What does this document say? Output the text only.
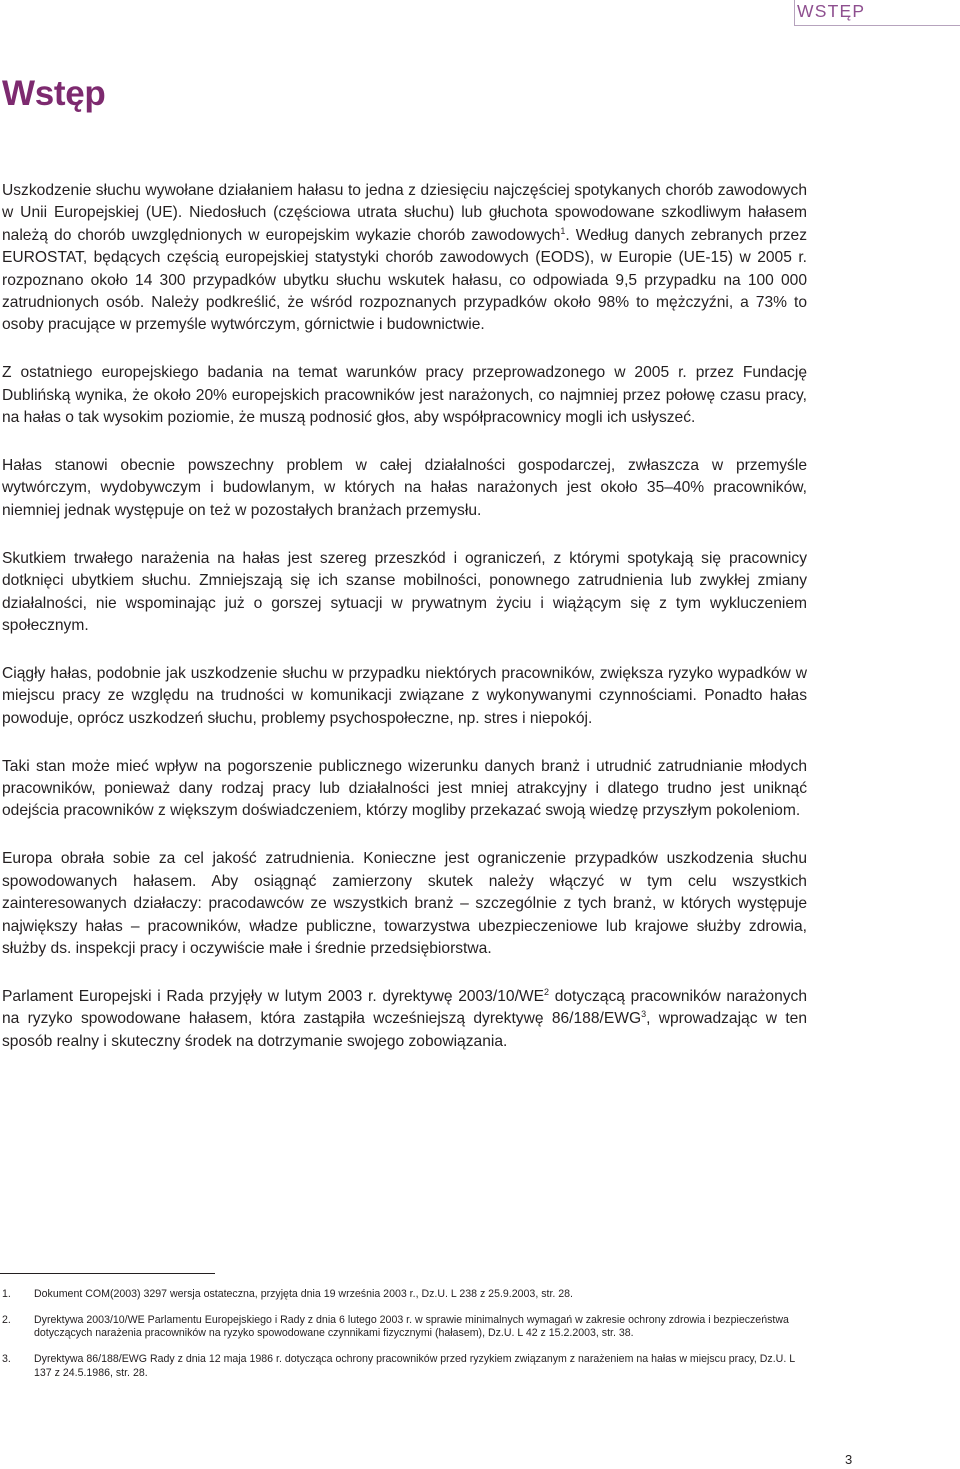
WSTĘP
Wstęp

Uszkodzenie słuchu wywołane działaniem hałasu to jedna z dziesięciu najczęściej spotykanych chorób zawodowych w Unii Europejskiej (UE). Niedosłuch (częściowa utrata słuchu) lub głuchota spowodowane szkodliwym hałasem należą do chorób uwzględnionych w europejskim wykazie chorób zawodowych$^1$. Według danych zebranych przez EUROSTAT, będących częścią europejskiej statystyki chorób zawodowych (EODS), w Europie (UE-15) w 2005 r. rozpoznano około 14 300 przypadków ubytku słuchu wskutek hałasu, co odpowiada 9,5 przypadku na 100 000 zatrudnionych osób. Należy podkreślić, że wśród rozpoznanych przypadków około 98% to mężczyźni, a 73% to osoby pracujące w przemyśle wytwórczym, górnictwie i budownictwie.

Z ostatniego europejskiego badania na temat warunków pracy przeprowadzonego w 2005 r. przez Fundację Dublińską wynika, że około 20% europejskich pracowników jest narażonych, co najmniej przez połowę czasu pracy, na hałas o tak wysokim poziomie, że muszą podnosić głos, aby współpracownicy mogli ich usłyszeć.

Hałas stanowi obecnie powszechny problem w całej działalności gospodarczej, zwłaszcza w przemyśle wytwórczym, wydobywczym i budowlanym, w których na hałas narażonych jest około 35–40% pracowników, niemniej jednak występuje on też w pozostałych branżach przemysłu.

Skutkiem trwałego narażenia na hałas jest szereg przeszkód i ograniczeń, z którymi spotykają się pracownicy dotknięci ubytkiem słuchu. Zmniejszają się ich szanse mobilności, ponownego zatrudnienia lub zwykłej zmiany działalności, nie wspominając już o gorszej sytuacji w prywatnym życiu i wiążącym się z tym wykluczeniem społecznym.

Ciągły hałas, podobnie jak uszkodzenie słuchu w przypadku niektórych pracowników, zwiększa ryzyko wypadków w miejscu pracy ze względu na trudności w komunikacji związane z wykonywanymi czynnościami. Ponadto hałas powoduje, oprócz uszkodzeń słuchu, problemy psychospołeczne, np. stres i niepokój.

Taki stan może mieć wpływ na pogorszenie publicznego wizerunku danych branż i utrudnić zatrudnianie młodych pracowników, ponieważ dany rodzaj pracy lub działalności jest mniej atrakcyjny i dlatego trudno jest uniknąć odejścia pracowników z większym doświadczeniem, którzy mogliby przekazać swoją wiedzę przyszłym pokoleniom.

Europa obrała sobie za cel jakość zatrudnienia. Konieczne jest ograniczenie przypadków uszkodzenia słuchu spowodowanych hałasem. Aby osiągnąć zamierzony skutek należy włączyć w tym celu wszystkich zainteresowanych działaczy: pracodawców ze wszystkich branż – szczególnie z tych branż, w których występuje największy hałas – pracowników, władze publiczne, towarzystwa ubezpieczeniowe lub krajowe służby zdrowia, służby ds. inspekcji pracy i oczywiście małe i średnie przedsiębiorstwa.

Parlament Europejski i Rada przyjęły w lutym 2003 r. dyrektywę $2003/10/WE^2$ dotyczącą pracowników narażonych na ryzyko spowodowane hałasem, która zastąpiła wcześniejszą dyrektywę 86/188/EWG$^3$, wprowadzając w ten sposób realny i skuteczny środek na dotrzymanie swojego zobowiązania.

1. Dokument COM(2003) 3297 wersja ostateczna, przyjęta dnia 19 września 2003 r., Dz.U. L 238 z 25.9.2003, str. 28.
2. Dyrektywa 2003/10/WE Parlamentu Europejskiego i Rady z dnia 6 lutego 2003 r. w sprawie minimalnych wymagań w zakresie ochrony zdrowia i bezpieczeństwa dotyczących narażenia pracowników na ryzyko spowodowane czynnikami fizycznymi (hałasem), Dz.U. L 42 z 15.2.2003, str. 38.
3. Dyrektywa 86/188/EWG Rady z dnia 12 maja 1986 r. dotycząca ochrony pracowników przed ryzykiem związanym z narażeniem na hałas w miejscu pracy, Dz.U. L 137 z 24.5.1986, str. 28.
3
